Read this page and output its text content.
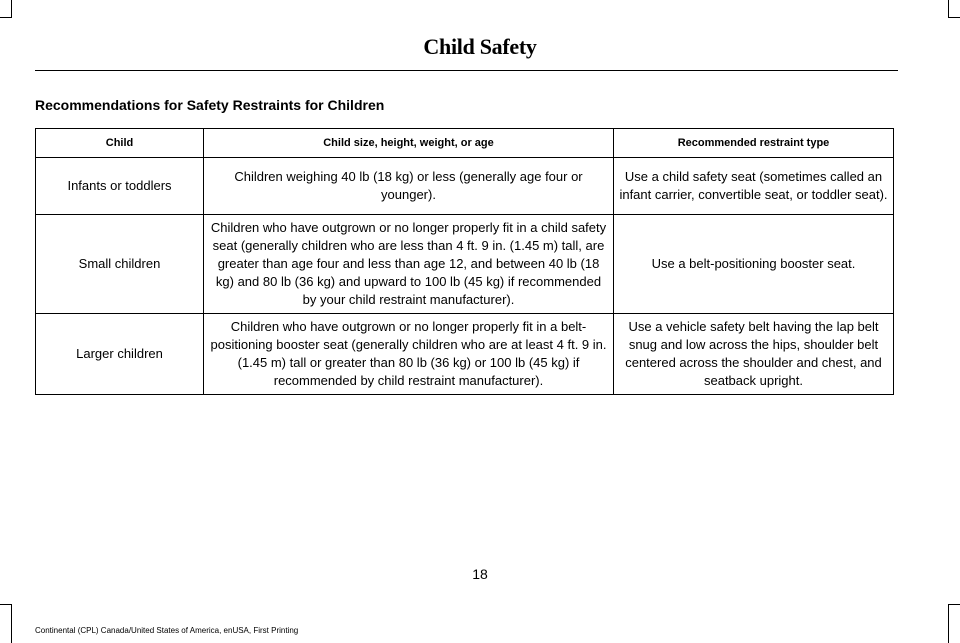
Child Safety
Recommendations for Safety Restraints for Children
Child	Child size, height, weight, or age	Recommended restraint type
Infants or toddlers	Children weighing 40 lb (18 kg) or less (generally age four or younger).	Use a child safety seat (sometimes called an infant carrier, convertible seat, or toddler seat).
Small children	Children who have outgrown or no longer properly fit in a child safety seat (generally children who are less than 4 ft. 9 in. (1.45 m) tall, are greater than age four and less than age 12, and between 40 lb (18 kg) and 80 lb (36 kg) and upward to 100 lb (45 kg) if recommended by your child restraint manufacturer).	Use a belt-positioning booster seat.
Larger children	Children who have outgrown or no longer properly fit in a belt-positioning booster seat (generally children who are at least 4 ft. 9 in. (1.45 m) tall or greater than 80 lb (36 kg) or 100 lb (45 kg) if recommended by child restraint manufacturer).	Use a vehicle safety belt having the lap belt snug and low across the hips, shoulder belt centered across the shoulder and chest, and seatback upright.
18
Continental (CPL) Canada/United States of America, enUSA, First Printing
